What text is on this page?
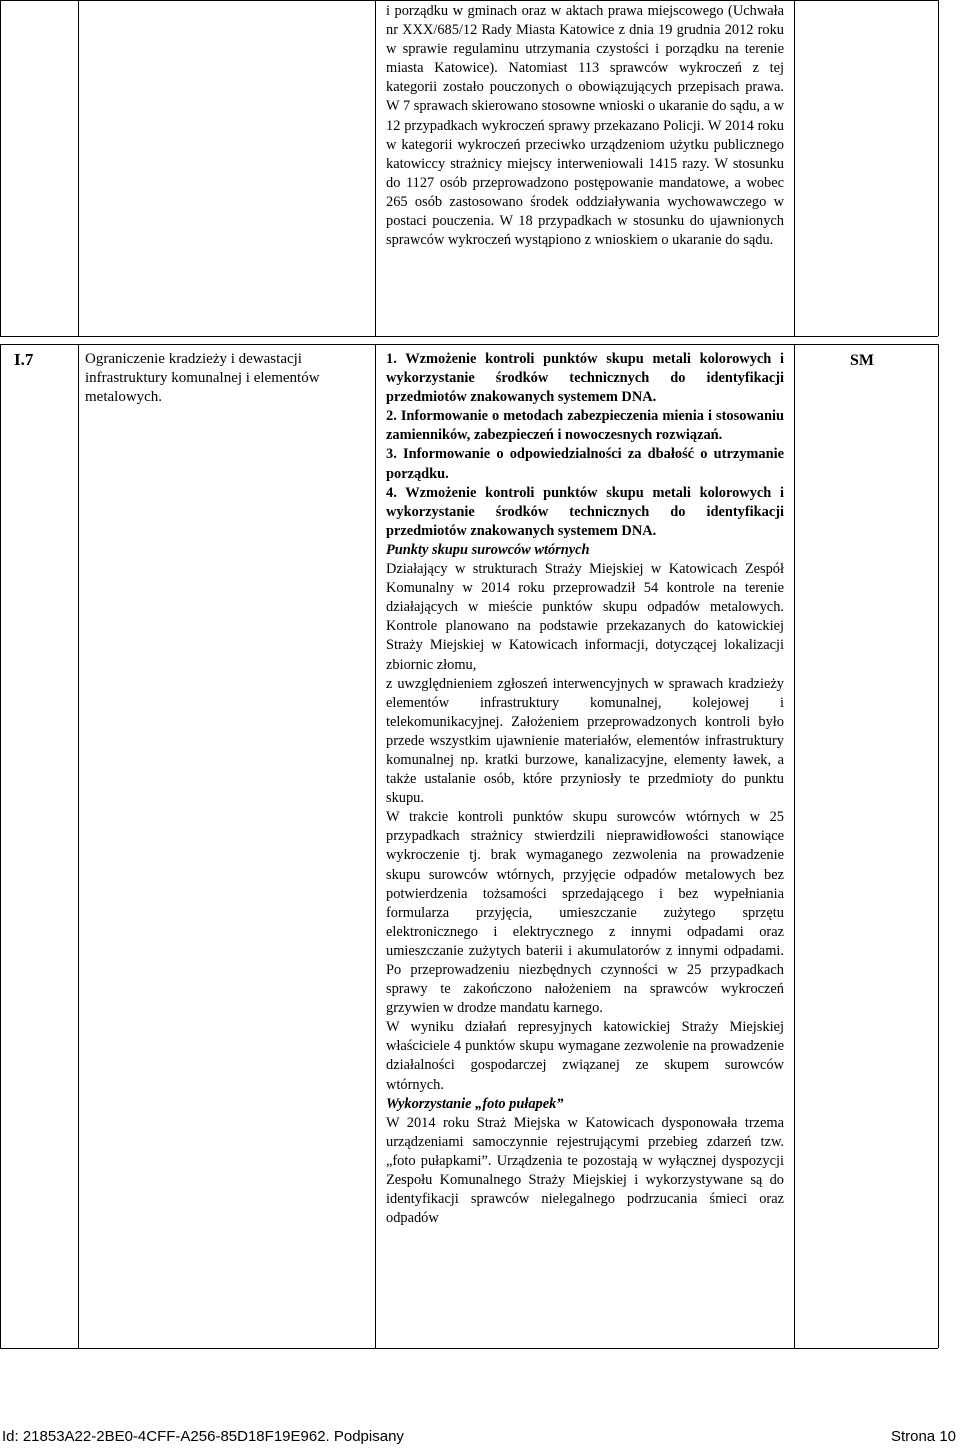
i porządku w gminach oraz w aktach prawa miejscowego (Uchwała nr XXX/685/12 Rady Miasta Katowice z dnia 19 grudnia 2012 roku w sprawie regulaminu utrzymania czystości i porządku na terenie miasta Katowice). Natomiast 113 sprawców wykroczeń z tej kategorii zostało pouczonych o obowiązujących przepisach prawa. W 7 sprawach skierowano stosowne wnioski o ukaranie do sądu, a w 12 przypadkach wykroczeń sprawy przekazano Policji. W 2014 roku w kategorii wykroczeń przeciwko urządzeniom użytku publicznego katowiccy strażnicy miejscy interweniowali 1415 razy. W stosunku do 1127 osób przeprowadzono postępowanie mandatowe, a wobec 265 osób zastosowano środek oddziaływania wychowawczego w postaci pouczenia. W 18 przypadkach w stosunku do ujawnionych sprawców wykroczeń wystąpiono z wnioskiem o ukaranie do sądu.
I.7	Ograniczenie kradzieży i dewastacji infrastruktury komunalnej i elementów metalowych.
SM

1. Wzmożenie kontroli punktów skupu metali kolorowych i wykorzystanie środków technicznych do identyfikacji przedmiotów znakowanych systemem DNA.

2. Informowanie o metodach zabezpieczenia mienia i stosowaniu zamienników, zabezpieczeń i nowoczesnych rozwiązań.

3. Informowanie o odpowiedzialności za dbałość o utrzymanie porządku.

4. Wzmożenie kontroli punktów skupu metali kolorowych i wykorzystanie środków technicznych do identyfikacji przedmiotów znakowanych systemem DNA.

Punkty skupu surowców wtórnych

Działający w strukturach Straży Miejskiej w Katowicach Zespół Komunalny w 2014 roku przeprowadził 54 kontrole na terenie działających w mieście punktów skupu odpadów metalowych. Kontrole planowano na podstawie przekazanych do katowickiej Straży Miejskiej w Katowicach informacji, dotyczącej lokalizacji zbiornic złomu,

z uwzględnieniem zgłoszeń interwencyjnych w sprawach kradzieży elementów infrastruktury komunalnej, kolejowej i telekomunikacyjnej. Założeniem przeprowadzonych kontroli było przede wszystkim ujawnienie materiałów, elementów infrastruktury komunalnej np. kratki burzowe, kanalizacyjne, elementy ławek, a także ustalanie osób, które przyniosły te przedmioty do punktu skupu.

W trakcie kontroli punktów skupu surowców wtórnych w 25 przypadkach strażnicy stwierdzili nieprawidłowości stanowiące wykroczenie tj. brak wymaganego zezwolenia na prowadzenie skupu surowców wtórnych, przyjęcie odpadów metalowych bez potwierdzenia tożsamości sprzedającego i bez wypełniania formularza przyjęcia, umieszczanie zużytego sprzętu elektronicznego i elektrycznego z innymi odpadami oraz umieszczanie zużytych baterii i akumulatorów z innymi odpadami. Po przeprowadzeniu niezbędnych czynności w 25 przypadkach sprawy te zakończono nałożeniem na sprawców wykroczeń grzywien w drodze mandatu karnego.

W wyniku działań represyjnych katowickiej Straży Miejskiej właściciele 4 punktów skupu wymagane zezwolenie na prowadzenie działalności gospodarczej związanej ze skupem surowców wtórnych.

Wykorzystanie „foto pułapek”

W 2014 roku Straż Miejska w Katowicach dysponowała trzema urządzeniami samoczynnie rejestrującymi przebieg zdarzeń tzw. „foto pułapkami”. Urządzenia te pozostają w wyłącznej dyspozycji Zespołu Komunalnego Straży Miejskiej i wykorzystywane są do identyfikacji sprawców nielegalnego podrzucania śmieci oraz odpadów

Id: 21853A22-2BE0-4CFF-A256-85D18F19E962. Podpisany	Strona 10
